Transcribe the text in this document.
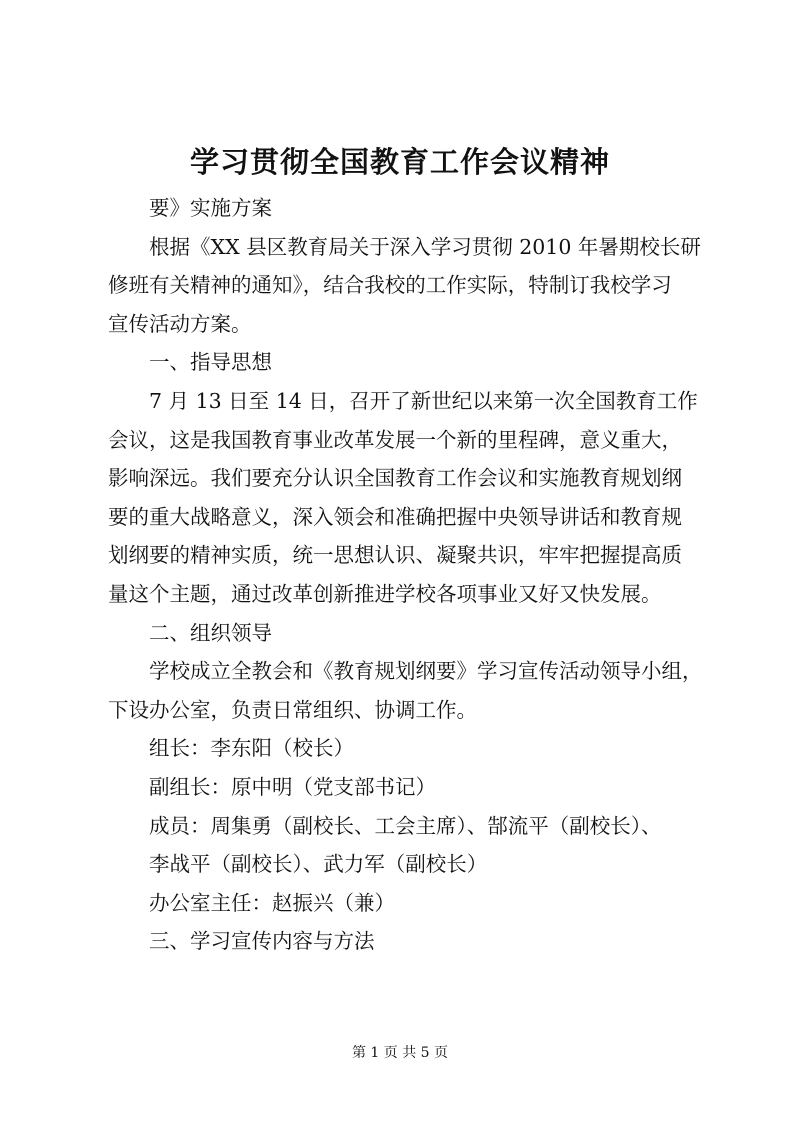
学习贯彻全国教育工作会议精神
要》实施方案
根据《XX 县区教育局关于深入学习贯彻 2010 年暑期校长研
修班有关精神的通知》，结合我校的工作实际，特制订我校学习
宣传活动方案。
一、指导思想
7 月 13 日至 14 日，召开了新世纪以来第一次全国教育工作
会议，这是我国教育事业改革发展一个新的里程碑，意义重大，
影响深远。我们要充分认识全国教育工作会议和实施教育规划纲
要的重大战略意义，深入领会和准确把握中央领导讲话和教育规
划纲要的精神实质，统一思想认识、凝聚共识，牢牢把握提高质
量这个主题，通过改革创新推进学校各项事业又好又快发展。
二、组织领导
学校成立全教会和《教育规划纲要》学习宣传活动领导小组，
下设办公室，负责日常组织、协调工作。
组长：李东阳（校长）
副组长：原中明（党支部书记）
成员：周集勇（副校长、工会主席）、郜流平（副校长）、
李战平（副校长）、武力军（副校长）
办公室主任：赵振兴（兼）
三、学习宣传内容与方法
第 1 页 共 5 页
